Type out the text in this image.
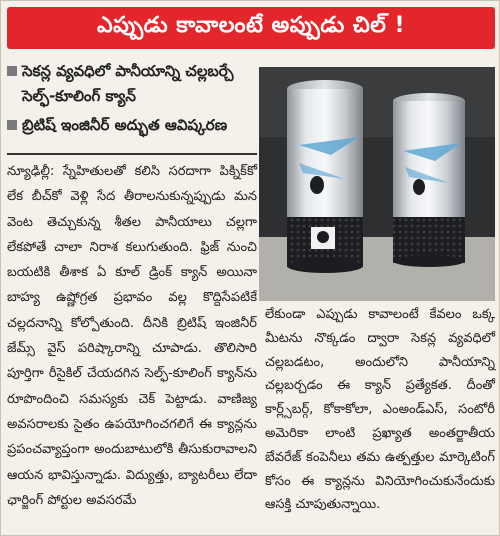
ఎప్పుడు కావాలంటే అప్పుడు చిల్ !
సెకన్ల వ్యవధిలో పానీయాన్ని చల్లబర్చే సెల్ఫ్‌-కూలింగ్ క్యాన్
బ్రిటిష్ ఇంజినీర్ అద్భుత ఆవిష్కరణ

న్యూఢిల్లీ: స్నేహితులతో కలిసి సరదాగా పిక్నిక్‌కో లేక బీచ్‌కో వెళ్లి సేద తీరాలనుకున్నప్పుడు మన వెంట తెచ్చుకున్న శీతల పానీయాలు చల్లగా లేకపోతే చాలా నిరాశ కలుగుతుంది. ఫ్రిజ్ నుంచి బయటికి తీశాక ఏ కూల్ డ్రింక్ క్యాన్ అయినా బాహ్య ఉష్ణోగ్రత ప్రభావం వల్ల కొద్దిసేపటికే చల్లదనాన్ని కోల్పోతుంది. దీనికి బ్రిటిష్ ఇంజినీర్ జేమ్స్ వైస్ పరిష్కారాన్ని చూపాడు. తొలిసారి పూర్తిగా రీసైకిల్ చేయదగిన సెల్ఫ్‌-కూలింగ్ క్యాన్‌ను రూపొందించి సమస్యకు చెక్ పెట్టాడు. వాణిజ్య అవసరాలకు సైతం ఉపయోగించగలిగే ఈ క్యాన్లను ప్రపంచవ్యాప్తంగా అందుబాటులోకి తీసుకురావాలని ఆయన భావిస్తున్నాడు. విద్యుత్తు, బ్యాటరీలు లేదా ఛార్జింగ్ పోర్టుల అవసరమే

లేకుండా ఎప్పుడు కావాలంటే కేవలం ఒక్క మీటను నొక్కడం ద్వారా సెకన్ల వ్యవధిలో చల్లబడటం, అందులోని పానీయాన్ని చల్లబర్చడం ఈ క్యాన్ ప్రత్యేకత. దీంతో కార్ల్స్‌బర్గ్, కోకాకోలా, ఎంఅండ్ఎస్, సంటోరీ అమెరికా లాంటి ప్రఖ్యాత అంతర్జాతీయ బేవరేజ్ కంపెనీలు తమ ఉత్పత్తుల మార్కెటింగ్ కోసం ఈ క్యాన్లను వినియోగించుకునేందుకు ఆసక్తి చూపుతున్నాయి.
